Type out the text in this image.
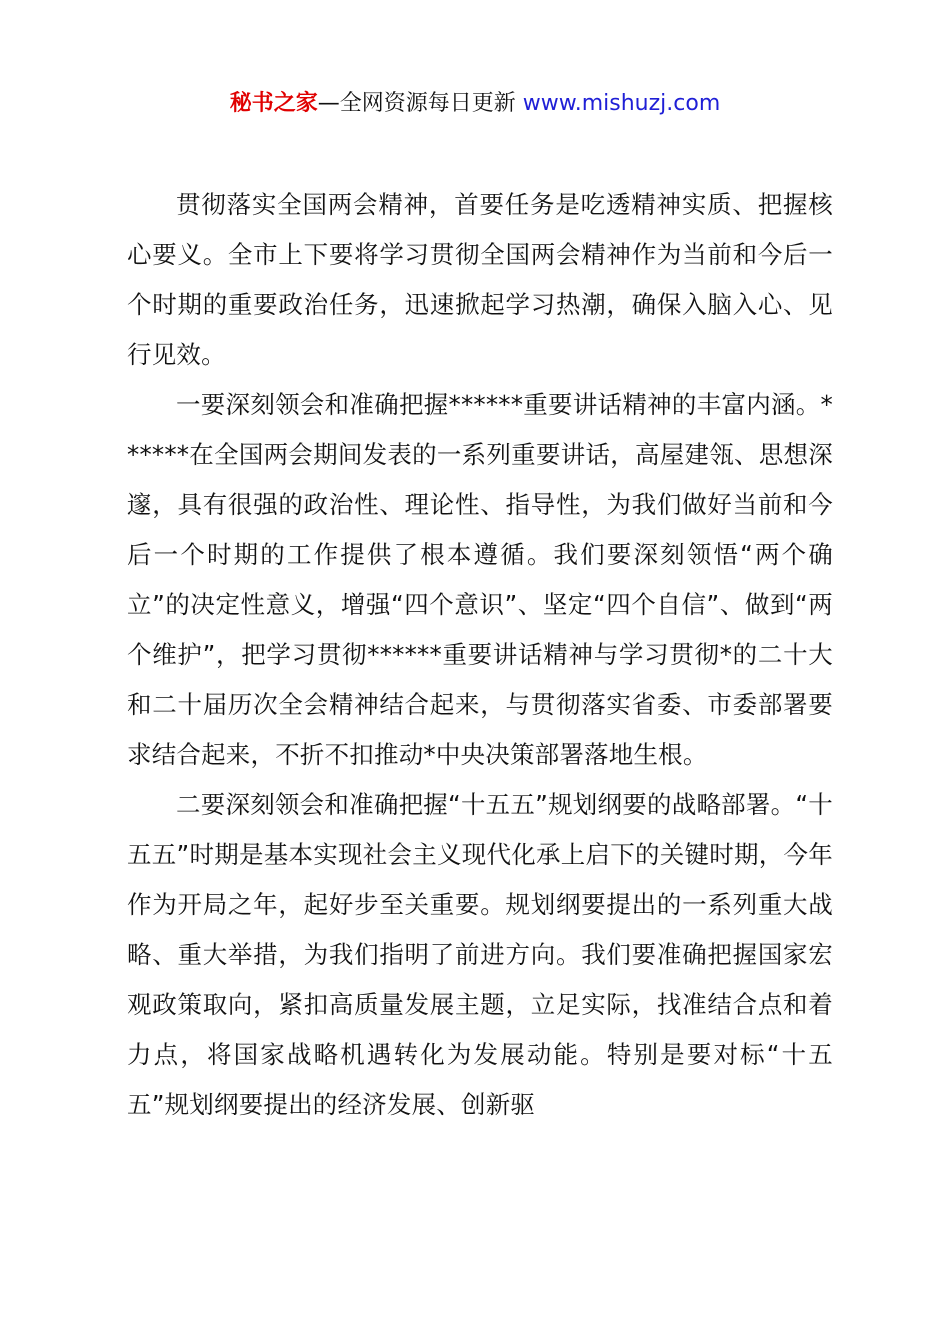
秘书之家—全网资源每日更新 www.mishuzj.com

贯彻落实全国两会精神，首要任务是吃透精神实质、把握核心要义。全市上下要将学习贯彻全国两会精神作为当前和今后一个时期的重要政治任务，迅速掀起学习热潮，确保入脑入心、见行见效。

一要深刻领会和准确把握******重要讲话精神的丰富内涵。******在全国两会期间发表的一系列重要讲话，高屋建瓴、思想深邃，具有很强的政治性、理论性、指导性，为我们做好当前和今后一个时期的工作提供了根本遵循。我们要深刻领悟“两个确立”的决定性意义，增强“四个意识”、坚定“四个自信”、做到“两个维护”，把学习贯彻******重要讲话精神与学习贯彻*的二十大和二十届历次全会精神结合起来，与贯彻落实省委、市委部署要求结合起来，不折不扣推动*中央决策部署落地生根。

二要深刻领会和准确把握“十五五”规划纲要的战略部署。“十五五”时期是基本实现社会主义现代化承上启下的关键时期，今年作为开局之年，起好步至关重要。规划纲要提出的一系列重大战略、重大举措，为我们指明了前进方向。我们要准确把握国家宏观政策取向，紧扣高质量发展主题，立足实际，找准结合点和着力点，将国家战略机遇转化为发展动能。特别是要对标“十五五”规划纲要提出的经济发展、创新驱
